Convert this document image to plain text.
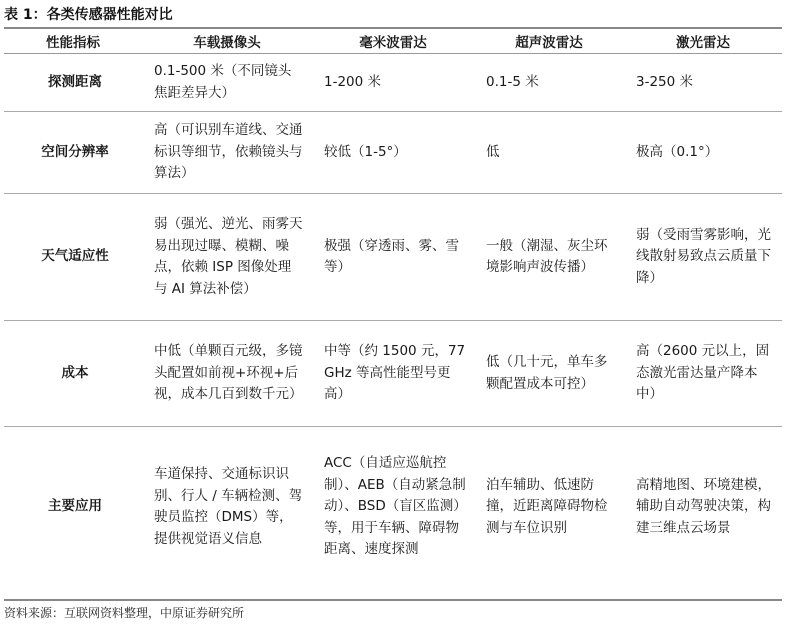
表 1：各类传感器性能对比
性能指标	车载摄像头	毫米波雷达	超声波雷达	激光雷达
探测距离	0.1-500 米（不同镜头焦距差异大）	1-200 米	0.1-5 米	3-250 米
空间分辨率	高（可识别车道线、交通标识等细节，依赖镜头与算法）	较低（1-5°）	低	极高（0.1°）
天气适应性	弱（强光、逆光、雨雾天易出现过曝、模糊、噪点，依赖 ISP 图像处理与 AI 算法补偿）	极强（穿透雨、雾、雪等）	一般（潮湿、灰尘环境影响声波传播）	弱（受雨雪雾影响，光线散射易致点云质量下降）
成本	中低（单颗百元级，多镜头配置如前视+环视+后视，成本几百到数千元）	中等（约 1500 元，77GHz 等高性能型号更高）	低（几十元，单车多颗配置成本可控）	高（2600 元以上，固态激光雷达量产降本中）
主要应用	车道保持、交通标识识别、行人 / 车辆检测、驾驶员监控（DMS）等，提供视觉语义信息	ACC（自适应巡航控制）、AEB（自动紧急制动）、BSD（盲区监测）等，用于车辆、障碍物距离、速度探测	泊车辅助、低速防撞，近距离障碍物检测与车位识别	高精地图、环境建模，辅助自动驾驶决策，构建三维点云场景
资料来源：互联网资料整理，中原证券研究所
